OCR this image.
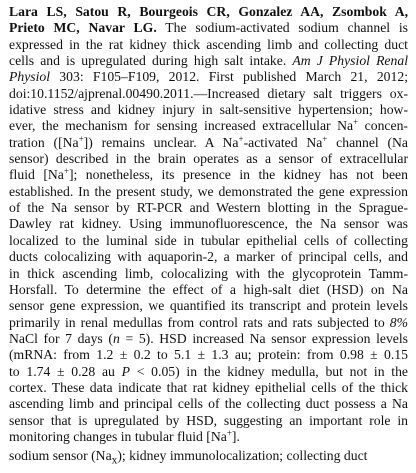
Lara LS, Satou R, Bourgeois CR, Gonzalez AA, Zsombok A,
Prieto MC, Navar LG. The sodium-activated sodium channel is
expressed in the rat kidney thick ascending limb and collecting duct
cells and is upregulated during high salt intake. Am J Physiol Renal
Physiol 303: F105–F109, 2012. First published March 21, 2012;
doi:10.1152/ajprenal.00490.2011.—Increased dietary salt triggers ox-
idative stress and kidney injury in salt-sensitive hypertension; how-
ever, the mechanism for sensing increased extracellular Na+ concen-
tration ([Na+]) remains unclear. A Na+-activated Na+ channel (Na
sensor) described in the brain operates as a sensor of extracellular
fluid [Na+]; nonetheless, its presence in the kidney has not been
established. In the present study, we demonstrated the gene expression
of the Na sensor by RT-PCR and Western blotting in the Sprague-
Dawley rat kidney. Using immunofluorescence, the Na sensor was
localized to the luminal side in tubular epithelial cells of collecting
ducts colocalizing with aquaporin-2, a marker of principal cells, and
in thick ascending limb, colocalizing with the glycoprotein Tamm-
Horsfall. To determine the effect of a high-salt diet (HSD) on Na
sensor gene expression, we quantified its transcript and protein levels
primarily in renal medullas from control rats and rats subjected to 8%
NaCl for 7 days (n = 5). HSD increased Na sensor expression levels
(mRNA: from 1.2 ± 0.2 to 5.1 ± 1.3 au; protein: from 0.98 ± 0.15
to 1.74 ± 0.28 au P < 0.05) in the kidney medulla, but not in the
cortex. These data indicate that rat kidney epithelial cells of the thick
ascending limb and principal cells of the collecting duct possess a Na
sensor that is upregulated by HSD, suggesting an important role in
monitoring changes in tubular fluid [Na+].
sodium sensor $(Na_x)$; kidney immunolocalization; collecting duct
